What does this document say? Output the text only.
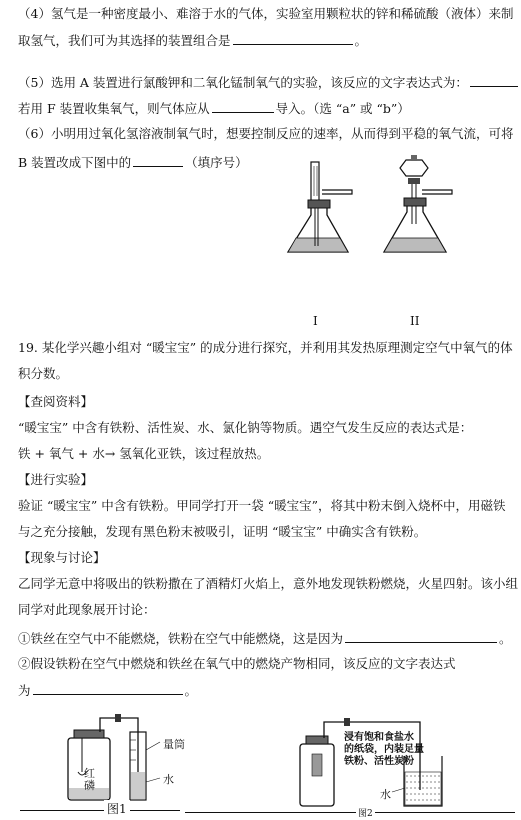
（4）氢气是一种密度最小、难溶于水的气体，实验室用颗粒状的锌和稀硫酸（液体）来制
取氢气，我们可为其选择的装置组合是	。
（5）选用 A 装置进行氯酸钾和二氧化锰制氧气的实验，该反应的文字表达式为：
若用 F 装置收集氧气，则气体应从	导入。（选 “a” 或 “b”）
（6）小明用过氧化氢溶液制氧气时，想要控制反应的速率，从而得到平稳的氧气流，可将
B 装置改成下图中的	（填序号）
I	II
19. 某化学兴趣小组对 “暖宝宝” 的成分进行探究，并利用其发热原理测定空气中氧气的体
积分数。
【查阅资料】
“暖宝宝” 中含有铁粉、活性炭、水、氯化钠等物质。遇空气发生反应的表达式是：
铁 + 氧气 + 水→ 氢氧化亚铁，该过程放热。
【进行实验】
验证 “暖宝宝” 中含有铁粉。甲同学打开一袋 “暖宝宝”，将其中粉末倒入烧杯中，用磁铁
与之充分接触，发现有黑色粉末被吸引，证明 “暖宝宝” 中确实含有铁粉。
【现象与讨论】
乙同学无意中将吸出的铁粉撒在了酒精灯火焰上，意外地发现铁粉燃烧，火星四射。该小组
同学对此现象展开讨论：
①铁丝在空气中不能燃烧，铁粉在空气中能燃烧，这是因为	。
②假设铁粉在空气中燃烧和铁丝在氧气中的燃烧产物相同，该反应的文字表达式
为	。
红
磷
量筒
水
图1
浸有饱和食盐水
的纸袋，内装足量
铁粉、活性炭粉
水
图2
